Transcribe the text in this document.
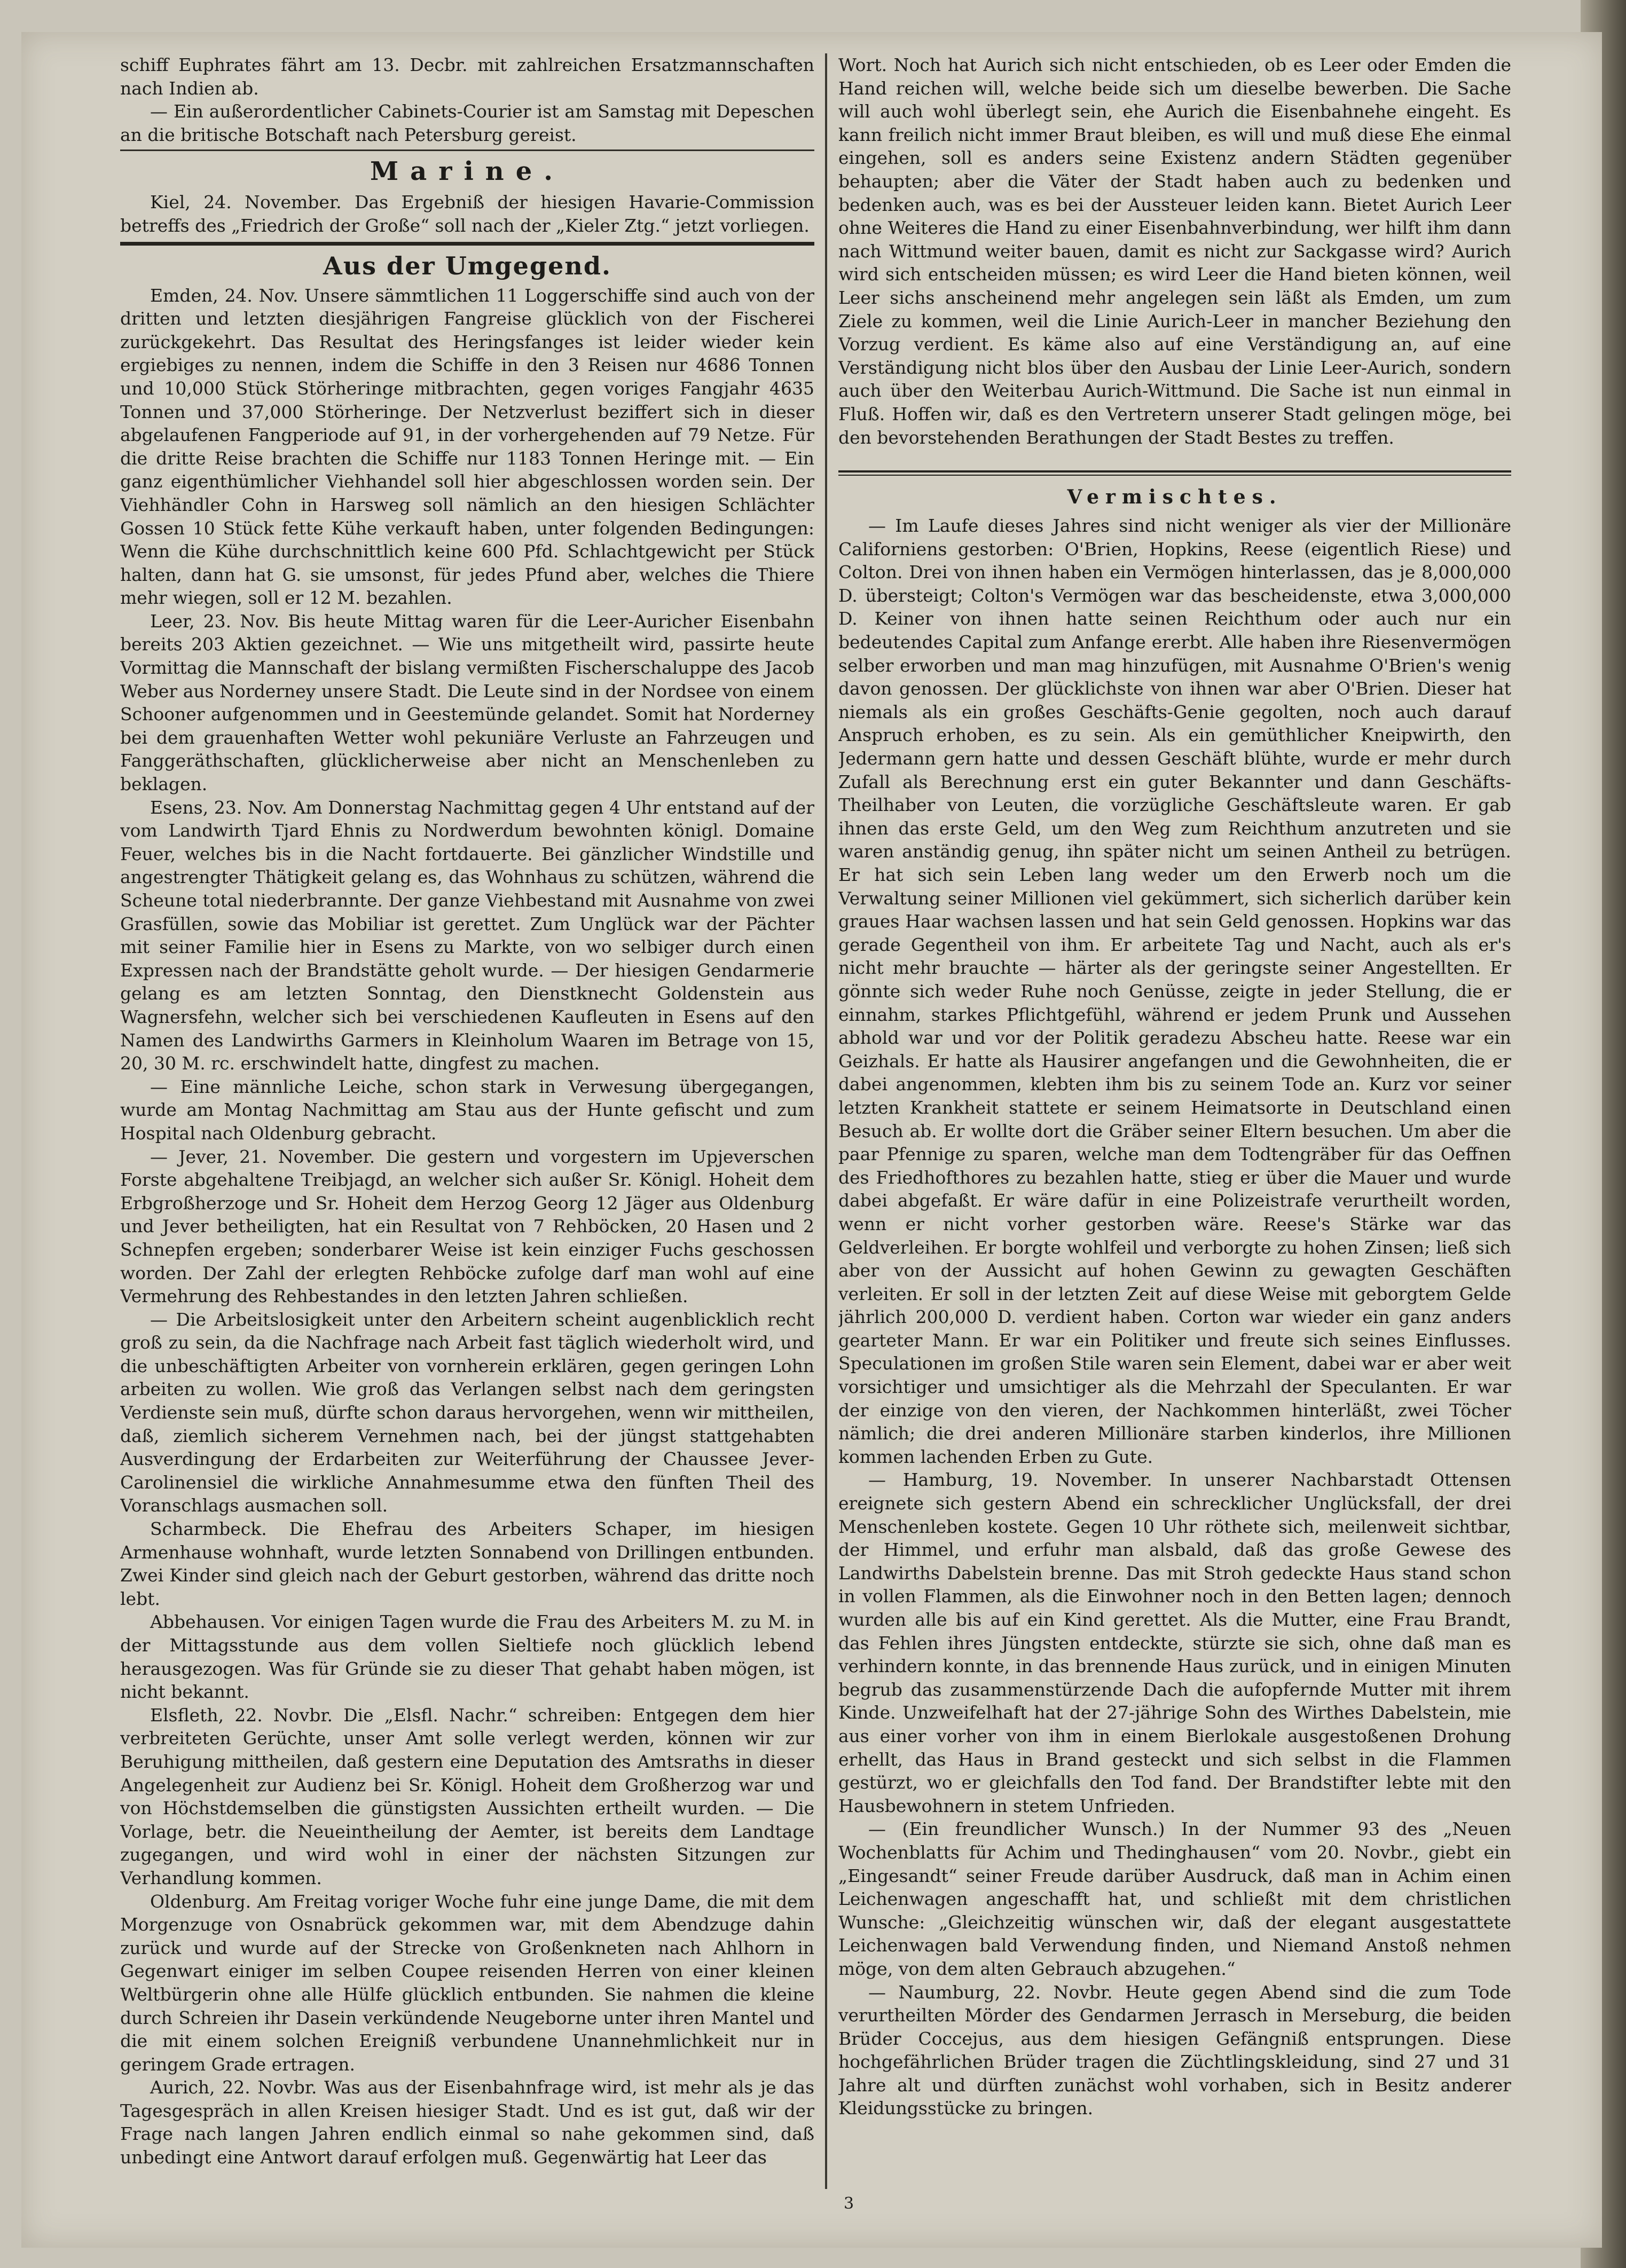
schiff Euphrates fährt am 13. Decbr. mit zahlreichen Ersatzmannschaften nach Indien ab.

— Ein außerordentlicher Cabinets-Courier ist am Samstag mit Depeschen an die britische Botschaft nach Petersburg gereist.

Marine.

Kiel, 24. November. Das Ergebniß der hiesigen Havarie-Commission betreffs des „Friedrich der Große“ soll nach der „Kieler Ztg.“ jetzt vorliegen.

Aus der Umgegend.

Emden, 24. Nov. Unsere sämmtlichen 11 Loggerschiffe sind auch von der dritten und letzten diesjährigen Fangreise glücklich von der Fischerei zurückgekehrt. Das Resultat des Heringsfanges ist leider wieder kein ergiebiges zu nennen, indem die Schiffe in den 3 Reisen nur 4686 Tonnen und 10,000 Stück Störheringe mitbrachten, gegen voriges Fangjahr 4635 Tonnen und 37,000 Störheringe. Der Netzverlust beziffert sich in dieser abgelaufenen Fangperiode auf 91, in der vorhergehenden auf 79 Netze. Für die dritte Reise brachten die Schiffe nur 1183 Tonnen Heringe mit. — Ein ganz eigenthümlicher Viehhandel soll hier abgeschlossen worden sein. Der Viehhändler Cohn in Harsweg soll nämlich an den hiesigen Schlächter Gossen 10 Stück fette Kühe verkauft haben, unter folgenden Bedingungen: Wenn die Kühe durchschnittlich keine 600 Pfd. Schlachtgewicht per Stück halten, dann hat G. sie umsonst, für jedes Pfund aber, welches die Thiere mehr wiegen, soll er 12 M. bezahlen.

Leer, 23. Nov. Bis heute Mittag waren für die Leer-Auricher Eisenbahn bereits 203 Aktien gezeichnet. — Wie uns mitgetheilt wird, passirte heute Vormittag die Mannschaft der bislang vermißten Fischerschaluppe des Jacob Weber aus Norderney unsere Stadt. Die Leute sind in der Nordsee von einem Schooner aufgenommen und in Geestemünde gelandet. Somit hat Norderney bei dem grauenhaften Wetter wohl pekuniäre Verluste an Fahrzeugen und Fanggeräthschaften, glücklicherweise aber nicht an Menschenleben zu beklagen.

Esens, 23. Nov. Am Donnerstag Nachmittag gegen 4 Uhr entstand auf der vom Landwirth Tjard Ehnis zu Nordwerdum bewohnten königl. Domaine Feuer, welches bis in die Nacht fortdauerte. Bei gänzlicher Windstille und angestrengter Thätigkeit gelang es, das Wohnhaus zu schützen, während die Scheune total niederbrannte. Der ganze Viehbestand mit Ausnahme von zwei Grasfüllen, sowie das Mobiliar ist gerettet. Zum Unglück war der Pächter mit seiner Familie hier in Esens zu Markte, von wo selbiger durch einen Expressen nach der Brandstätte geholt wurde. — Der hiesigen Gendarmerie gelang es am letzten Sonntag, den Dienstknecht Goldenstein aus Wagnersfehn, welcher sich bei verschiedenen Kaufleuten in Esens auf den Namen des Landwirths Garmers in Kleinholum Waaren im Betrage von 15, 20, 30 M. rc. erschwindelt hatte, dingfest zu machen.

— Eine männliche Leiche, schon stark in Verwesung übergegangen, wurde am Montag Nachmittag am Stau aus der Hunte gefischt und zum Hospital nach Oldenburg gebracht.

— Jever, 21. November. Die gestern und vorgestern im Upjeverschen Forste abgehaltene Treibjagd, an welcher sich außer Sr. Königl. Hoheit dem Erbgroßherzoge und Sr. Hoheit dem Herzog Georg 12 Jäger aus Oldenburg und Jever betheiligten, hat ein Resultat von 7 Rehböcken, 20 Hasen und 2 Schnepfen ergeben; sonderbarer Weise ist kein einziger Fuchs geschossen worden. Der Zahl der erlegten Rehböcke zufolge darf man wohl auf eine Vermehrung des Rehbestandes in den letzten Jahren schließen.

— Die Arbeitslosigkeit unter den Arbeitern scheint augenblicklich recht groß zu sein, da die Nachfrage nach Arbeit fast täglich wiederholt wird, und die unbeschäftigten Arbeiter von vornherein erklären, gegen geringen Lohn arbeiten zu wollen. Wie groß das Verlangen selbst nach dem geringsten Verdienste sein muß, dürfte schon daraus hervorgehen, wenn wir mittheilen, daß, ziemlich sicherem Vernehmen nach, bei der jüngst stattgehabten Ausverdingung der Erdarbeiten zur Weiterführung der Chaussee Jever-Carolinensiel die wirkliche Annahmesumme etwa den fünften Theil des Voranschlags ausmachen soll.

Scharmbeck. Die Ehefrau des Arbeiters Schaper, im hiesigen Armenhause wohnhaft, wurde letzten Sonnabend von Drillingen entbunden. Zwei Kinder sind gleich nach der Geburt gestorben, während das dritte noch lebt.

Abbehausen. Vor einigen Tagen wurde die Frau des Arbeiters M. zu M. in der Mittagsstunde aus dem vollen Sieltiefe noch glücklich lebend herausgezogen. Was für Gründe sie zu dieser That gehabt haben mögen, ist nicht bekannt.

Elsfleth, 22. Novbr. Die „Elsfl. Nachr.“ schreiben: Entgegen dem hier verbreiteten Gerüchte, unser Amt solle verlegt werden, können wir zur Beruhigung mittheilen, daß gestern eine Deputation des Amtsraths in dieser Angelegenheit zur Audienz bei Sr. Königl. Hoheit dem Großherzog war und von Höchstdemselben die günstigsten Aussichten ertheilt wurden. — Die Vorlage, betr. die Neueintheilung der Aemter, ist bereits dem Landtage zugegangen, und wird wohl in einer der nächsten Sitzungen zur Verhandlung kommen.

Oldenburg. Am Freitag voriger Woche fuhr eine junge Dame, die mit dem Morgenzuge von Osnabrück gekommen war, mit dem Abendzuge dahin zurück und wurde auf der Strecke von Großenkneten nach Ahlhorn in Gegenwart einiger im selben Coupee reisenden Herren von einer kleinen Weltbürgerin ohne alle Hülfe glücklich entbunden. Sie nahmen die kleine durch Schreien ihr Dasein verkündende Neugeborne unter ihren Mantel und die mit einem solchen Ereigniß verbundene Unannehmlichkeit nur in geringem Grade ertragen.

Aurich, 22. Novbr. Was aus der Eisenbahnfrage wird, ist mehr als je das Tagesgespräch in allen Kreisen hiesiger Stadt. Und es ist gut, daß wir der Frage nach langen Jahren endlich einmal so nahe gekommen sind, daß unbedingt eine Antwort darauf erfolgen muß. Gegenwärtig hat Leer das

Wort. Noch hat Aurich sich nicht entschieden, ob es Leer oder Emden die Hand reichen will, welche beide sich um dieselbe bewerben. Die Sache will auch wohl überlegt sein, ehe Aurich die Eisenbahnehe eingeht. Es kann freilich nicht immer Braut bleiben, es will und muß diese Ehe einmal eingehen, soll es anders seine Existenz andern Städten gegenüber behaupten; aber die Väter der Stadt haben auch zu bedenken und bedenken auch, was es bei der Aussteuer leiden kann. Bietet Aurich Leer ohne Weiteres die Hand zu einer Eisenbahnverbindung, wer hilft ihm dann nach Wittmund weiter bauen, damit es nicht zur Sackgasse wird? Aurich wird sich entscheiden müssen; es wird Leer die Hand bieten können, weil Leer sichs anscheinend mehr angelegen sein läßt als Emden, um zum Ziele zu kommen, weil die Linie Aurich-Leer in mancher Beziehung den Vorzug verdient. Es käme also auf eine Verständigung an, auf eine Verständigung nicht blos über den Ausbau der Linie Leer-Aurich, sondern auch über den Weiterbau Aurich-Wittmund. Die Sache ist nun einmal in Fluß. Hoffen wir, daß es den Vertretern unserer Stadt gelingen möge, bei den bevorstehenden Berathungen der Stadt Bestes zu treffen.

Vermischtes.

— Im Laufe dieses Jahres sind nicht weniger als vier der Millionäre Californiens gestorben: O'Brien, Hopkins, Reese (eigentlich Riese) und Colton. Drei von ihnen haben ein Vermögen hinterlassen, das je 8,000,000 D. übersteigt; Colton's Vermögen war das bescheidenste, etwa 3,000,000 D. Keiner von ihnen hatte seinen Reichthum oder auch nur ein bedeutendes Capital zum Anfange ererbt. Alle haben ihre Riesenvermögen selber erworben und man mag hinzufügen, mit Ausnahme O'Brien's wenig davon genossen. Der glücklichste von ihnen war aber O'Brien. Dieser hat niemals als ein großes Geschäfts-Genie gegolten, noch auch darauf Anspruch erhoben, es zu sein. Als ein gemüthlicher Kneipwirth, den Jedermann gern hatte und dessen Geschäft blühte, wurde er mehr durch Zufall als Berechnung erst ein guter Bekannter und dann Geschäfts-Theilhaber von Leuten, die vorzügliche Geschäftsleute waren. Er gab ihnen das erste Geld, um den Weg zum Reichthum anzutreten und sie waren anständig genug, ihn später nicht um seinen Antheil zu betrügen. Er hat sich sein Leben lang weder um den Erwerb noch um die Verwaltung seiner Millionen viel gekümmert, sich sicherlich darüber kein graues Haar wachsen lassen und hat sein Geld genossen. Hopkins war das gerade Gegentheil von ihm. Er arbeitete Tag und Nacht, auch als er's nicht mehr brauchte — härter als der geringste seiner Angestellten. Er gönnte sich weder Ruhe noch Genüsse, zeigte in jeder Stellung, die er einnahm, starkes Pflichtgefühl, während er jedem Prunk und Aussehen abhold war und vor der Politik geradezu Abscheu hatte. Reese war ein Geizhals. Er hatte als Hausirer angefangen und die Gewohnheiten, die er dabei angenommen, klebten ihm bis zu seinem Tode an. Kurz vor seiner letzten Krankheit stattete er seinem Heimatsorte in Deutschland einen Besuch ab. Er wollte dort die Gräber seiner Eltern besuchen. Um aber die paar Pfennige zu sparen, welche man dem Todtengräber für das Oeffnen des Friedhofthores zu bezahlen hatte, stieg er über die Mauer und wurde dabei abgefaßt. Er wäre dafür in eine Polizeistrafe verurtheilt worden, wenn er nicht vorher gestorben wäre. Reese's Stärke war das Geldverleihen. Er borgte wohlfeil und verborgte zu hohen Zinsen; ließ sich aber von der Aussicht auf hohen Gewinn zu gewagten Geschäften verleiten. Er soll in der letzten Zeit auf diese Weise mit geborgtem Gelde jährlich 200,000 D. verdient haben. Corton war wieder ein ganz anders gearteter Mann. Er war ein Politiker und freute sich seines Einflusses. Speculationen im großen Stile waren sein Element, dabei war er aber weit vorsichtiger und umsichtiger als die Mehrzahl der Speculanten. Er war der einzige von den vieren, der Nachkommen hinterläßt, zwei Töcher nämlich; die drei anderen Millionäre starben kinderlos, ihre Millionen kommen lachenden Erben zu Gute.

— Hamburg, 19. November. In unserer Nachbarstadt Ottensen ereignete sich gestern Abend ein schrecklicher Unglücksfall, der drei Menschenleben kostete. Gegen 10 Uhr röthete sich, meilenweit sichtbar, der Himmel, und erfuhr man alsbald, daß das große Gewese des Landwirths Dabelstein brenne. Das mit Stroh gedeckte Haus stand schon in vollen Flammen, als die Einwohner noch in den Betten lagen; dennoch wurden alle bis auf ein Kind gerettet. Als die Mutter, eine Frau Brandt, das Fehlen ihres Jüngsten entdeckte, stürzte sie sich, ohne daß man es verhindern konnte, in das brennende Haus zurück, und in einigen Minuten begrub das zusammenstürzende Dach die aufopfernde Mutter mit ihrem Kinde. Unzweifelhaft hat der 27-jährige Sohn des Wirthes Dabelstein, mie aus einer vorher von ihm in einem Bierlokale ausgestoßenen Drohung erhellt, das Haus in Brand gesteckt und sich selbst in die Flammen gestürzt, wo er gleichfalls den Tod fand. Der Brandstifter lebte mit den Hausbewohnern in stetem Unfrieden.

— (Ein freundlicher Wunsch.) In der Nummer 93 des „Neuen Wochenblatts für Achim und Thedinghausen“ vom 20. Novbr., giebt ein „Eingesandt“ seiner Freude darüber Ausdruck, daß man in Achim einen Leichenwagen angeschafft hat, und schließt mit dem christlichen Wunsche: „Gleichzeitig wünschen wir, daß der elegant ausgestattete Leichenwagen bald Verwendung finden, und Niemand Anstoß nehmen möge, von dem alten Gebrauch abzugehen.“

— Naumburg, 22. Novbr. Heute gegen Abend sind die zum Tode verurtheilten Mörder des Gendarmen Jerrasch in Merseburg, die beiden Brüder Coccejus, aus dem hiesigen Gefängniß entsprungen. Diese hochgefährlichen Brüder tragen die Züchtlingskleidung, sind 27 und 31 Jahre alt und dürften zunächst wohl vorhaben, sich in Besitz anderer Kleidungsstücke zu bringen.

3
